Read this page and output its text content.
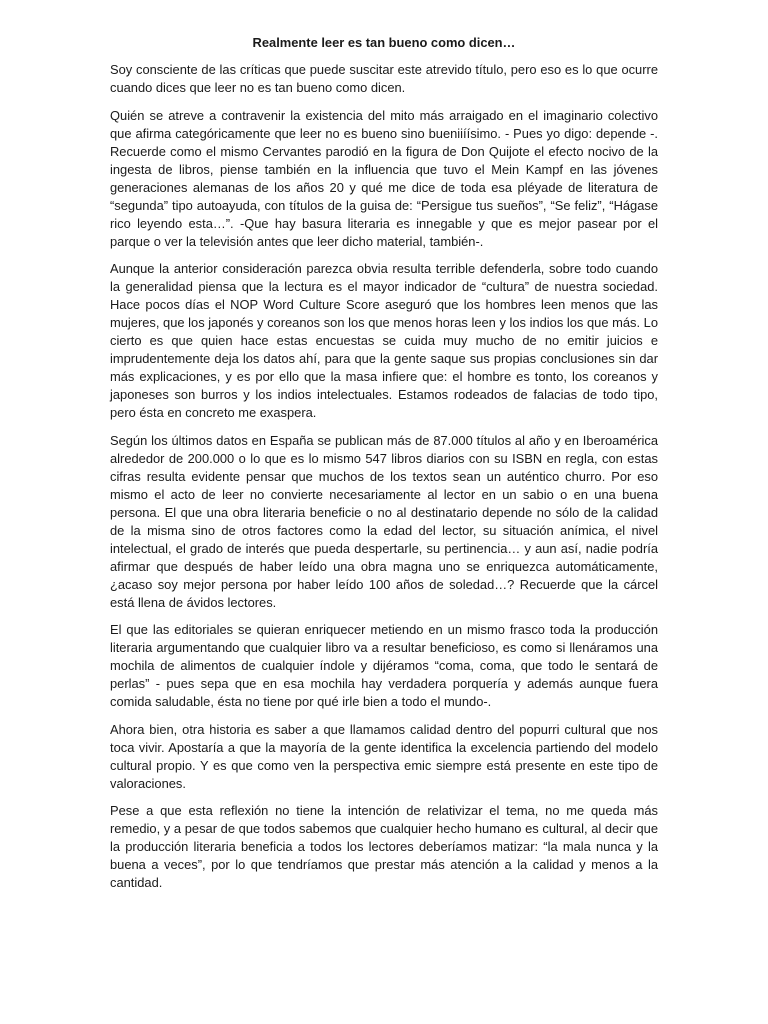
Realmente leer es tan bueno como dicen…

Soy consciente de las críticas que puede suscitar este atrevido título, pero eso es lo que ocurre cuando dices que leer no es tan bueno como dicen.

Quién se atreve a contravenir la existencia del mito más arraigado en el imaginario colectivo que afirma categóricamente que leer no es bueno sino bueniiíísimo. - Pues yo digo: depende -. Recuerde como el mismo Cervantes parodió en la figura de Don Quijote el efecto nocivo de la ingesta de libros, piense también en la influencia que tuvo el Mein Kampf en las jóvenes generaciones alemanas de los años 20 y qué me dice de toda esa pléyade de literatura de “segunda” tipo autoayuda, con títulos de la guisa de: “Persigue tus sueños”, “Se feliz”, “Hágase rico leyendo esta…”. -Que hay basura literaria es innegable y que es mejor pasear por el parque o ver la televisión antes que leer dicho material, también-.

Aunque la anterior consideración parezca obvia resulta terrible defenderla, sobre todo cuando la generalidad piensa que la lectura es el mayor indicador de “cultura” de nuestra sociedad. Hace pocos días el NOP Word Culture Score aseguró que los hombres leen menos que las mujeres, que los japonés y coreanos son los que menos horas leen y los indios los que más. Lo cierto es que quien hace estas encuestas se cuida muy mucho de no emitir juicios e imprudentemente deja los datos ahí, para que la gente saque sus propias conclusiones sin dar más explicaciones, y es por ello que la masa infiere que: el hombre es tonto, los coreanos y japoneses son burros y los indios intelectuales. Estamos rodeados de falacias de todo tipo, pero ésta en concreto me exaspera.

Según los últimos datos en España se publican más de 87.000 títulos al año y en Iberoamérica alrededor de 200.000 o lo que es lo mismo 547 libros diarios con su ISBN en regla, con estas cifras resulta evidente pensar que muchos de los textos sean un auténtico churro. Por eso mismo el acto de leer no convierte necesariamente al lector en un sabio o en una buena persona. El que una obra literaria beneficie o no al destinatario depende no sólo de la calidad de la misma sino de otros factores como la edad del lector, su situación anímica, el nivel intelectual, el grado de interés que pueda despertarle, su pertinencia… y aun así, nadie podría afirmar que después de haber leído una obra magna uno se enriquezca automáticamente, ¿acaso soy mejor persona por haber leído 100 años de soledad…? Recuerde que la cárcel está llena de ávidos lectores.

El que las editoriales se quieran enriquecer metiendo en un mismo frasco toda la producción literaria argumentando que cualquier libro va a resultar beneficioso, es como si llenáramos una mochila de alimentos de cualquier índole y dijéramos “coma, coma, que todo le sentará de perlas” - pues sepa que en esa mochila hay verdadera porquería y además aunque fuera comida saludable, ésta no tiene por qué irle bien a todo el mundo-.

Ahora bien, otra historia es saber a que llamamos calidad dentro del popurri cultural que nos toca vivir. Apostaría a que la mayoría de la gente identifica la excelencia partiendo del modelo cultural propio. Y es que como ven la perspectiva emic siempre está presente en este tipo de valoraciones.

Pese a que esta reflexión no tiene la intención de relativizar el tema, no me queda más remedio, y a pesar de que todos sabemos que cualquier hecho humano es cultural, al decir que la producción literaria beneficia a todos los lectores deberíamos matizar: “la mala nunca y la buena a veces”, por lo que tendríamos que prestar más atención a la calidad y menos a la cantidad.
